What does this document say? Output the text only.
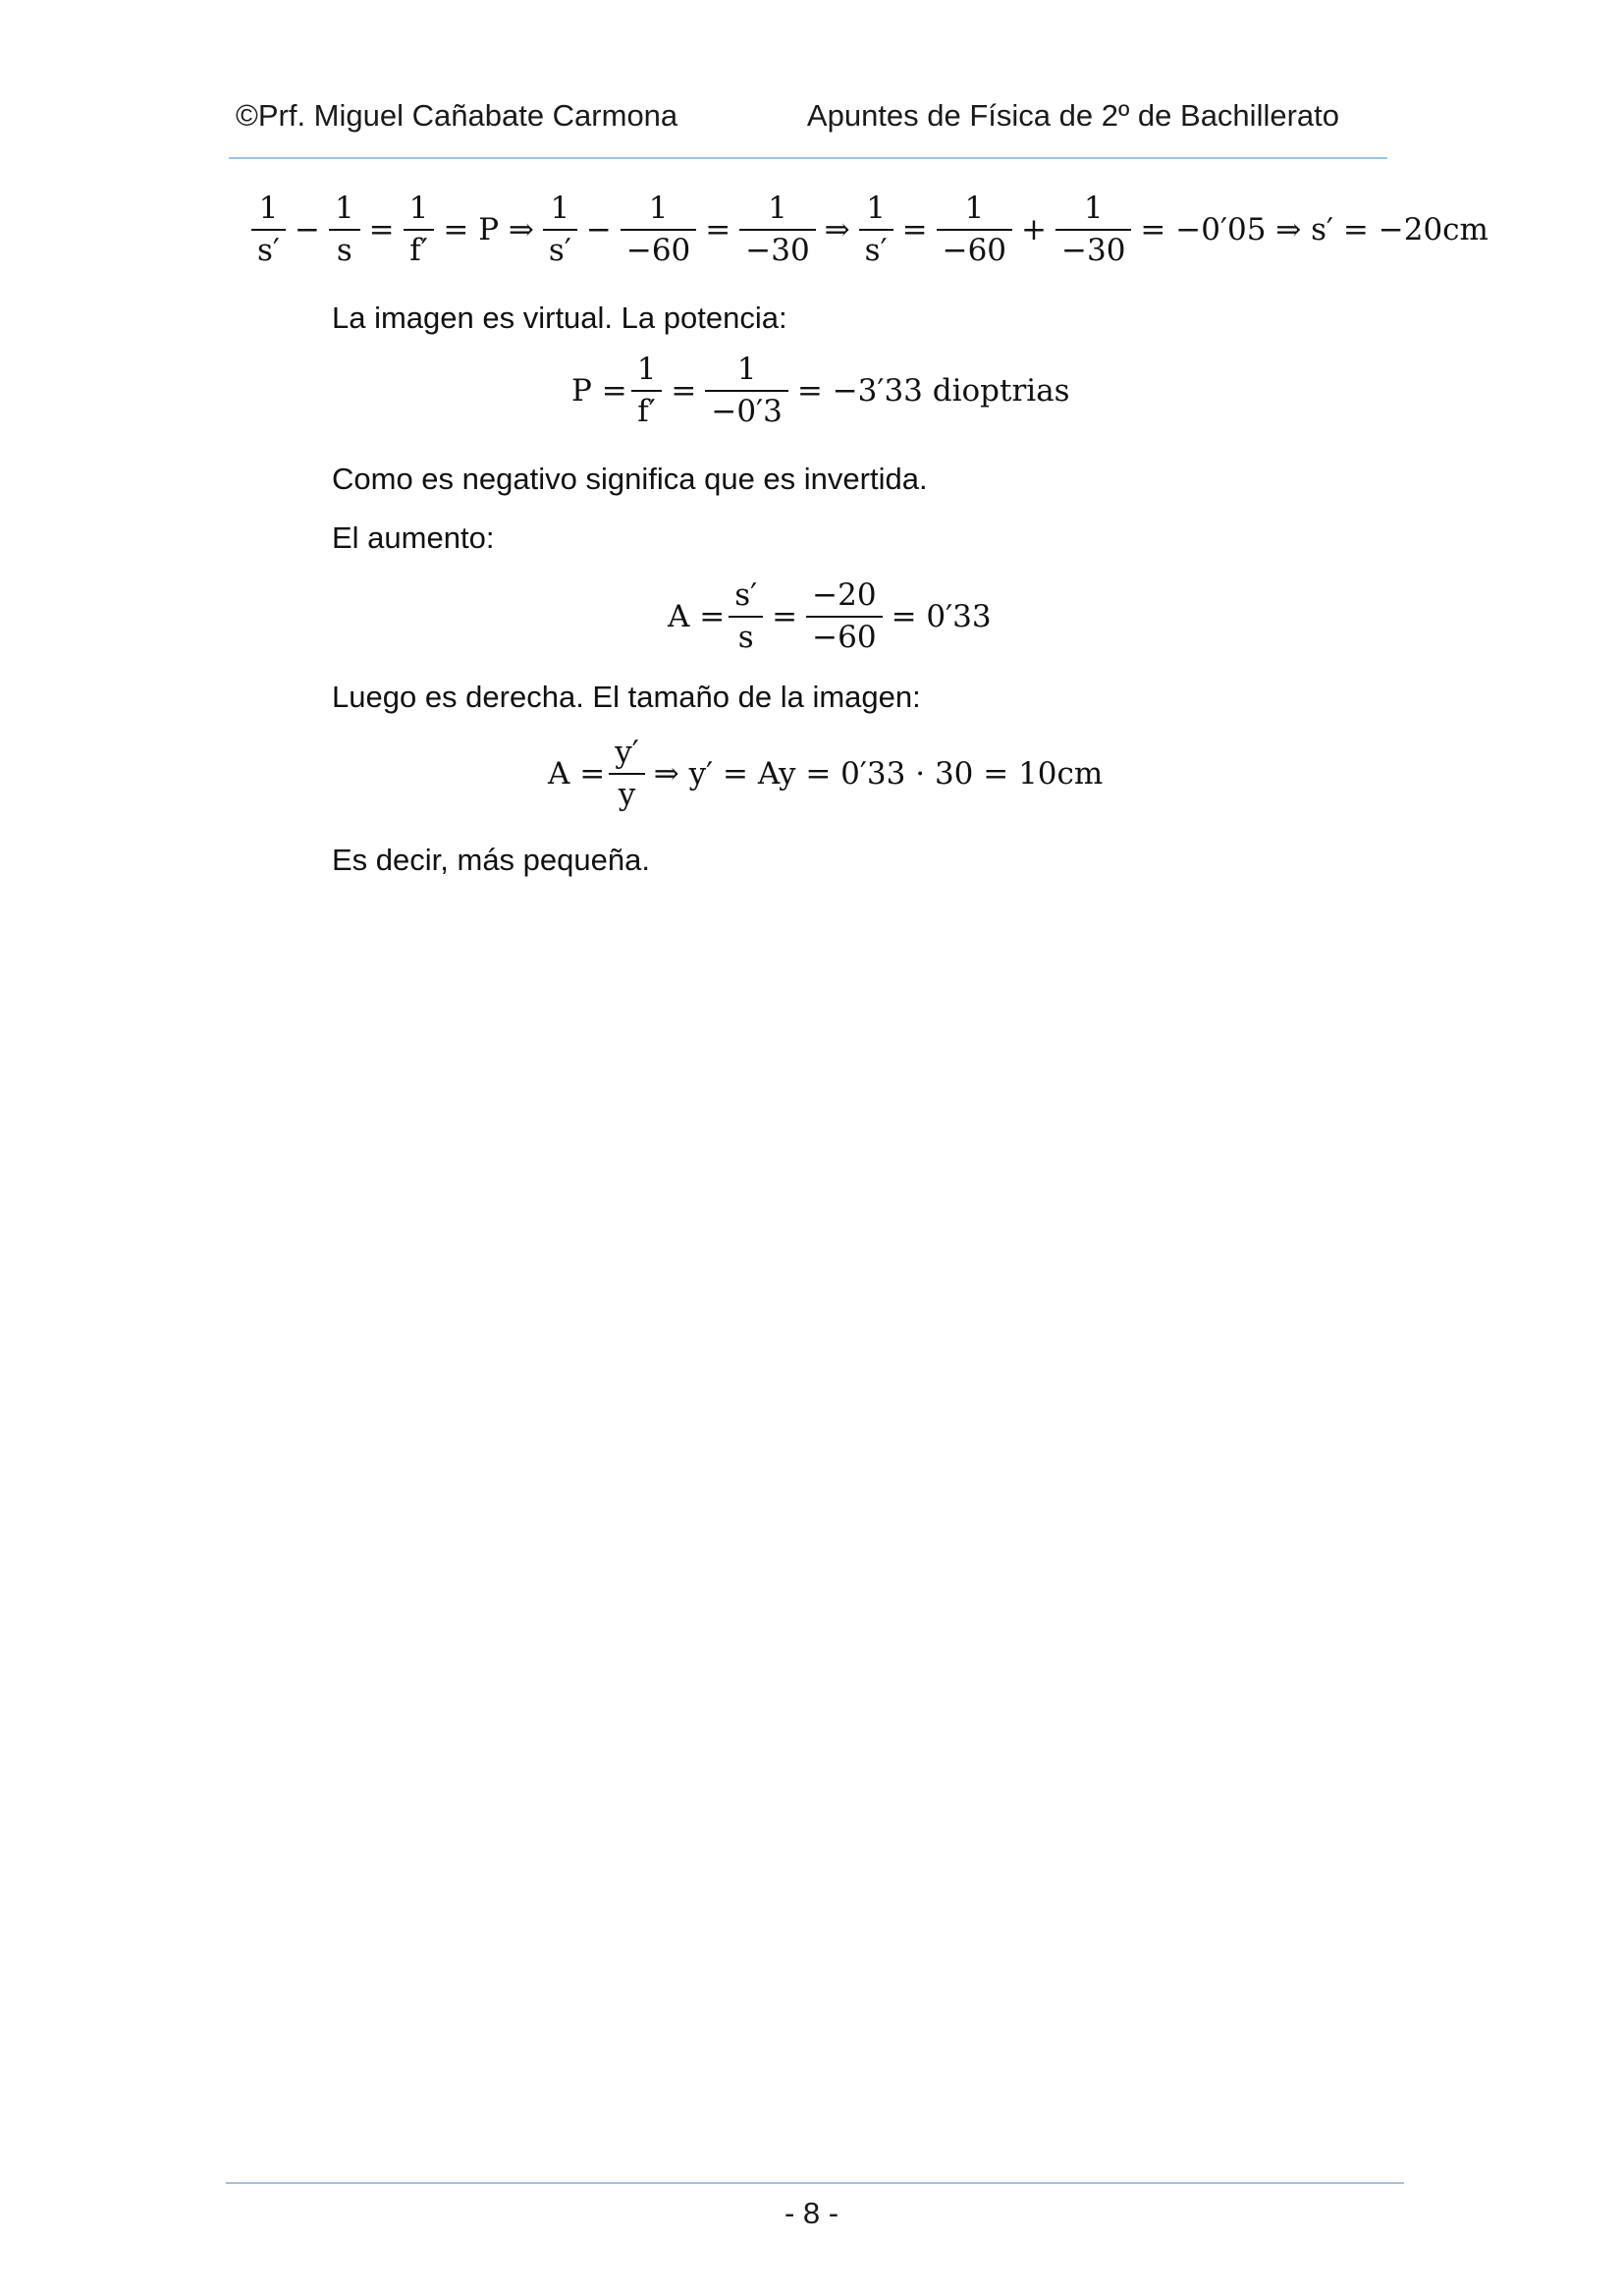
©Prf. Miguel Cañabate Carmona	Apuntes de Física de 2º de Bachillerato
$\frac{1}{s'} - \frac{1}{s} = \frac{1}{f'} = P$ ⇒ $\frac{1}{s'} - \frac{1}{-60} = \frac{1}{-30}$ ⇒ $\frac{1}{s'} = \frac{1}{-60} + \frac{1}{-30} = -0'05$ ⇒ s′ = −20cm
La imagen es virtual. La potencia:
$P = \frac{1}{f'} = \frac{1}{-0'3} = -3'33$ dioptrias
Como es negativo significa que es invertida.
El aumento:
$A = \frac{s'}{s} = \frac{-20}{-60} = 0'33$
Luego es derecha. El tamaño de la imagen:
$A = \frac{y'}{y}$ ⇒ y′ = Ay = 0′33 · 30 = 10cm
Es decir, más pequeña.
- 8 -
